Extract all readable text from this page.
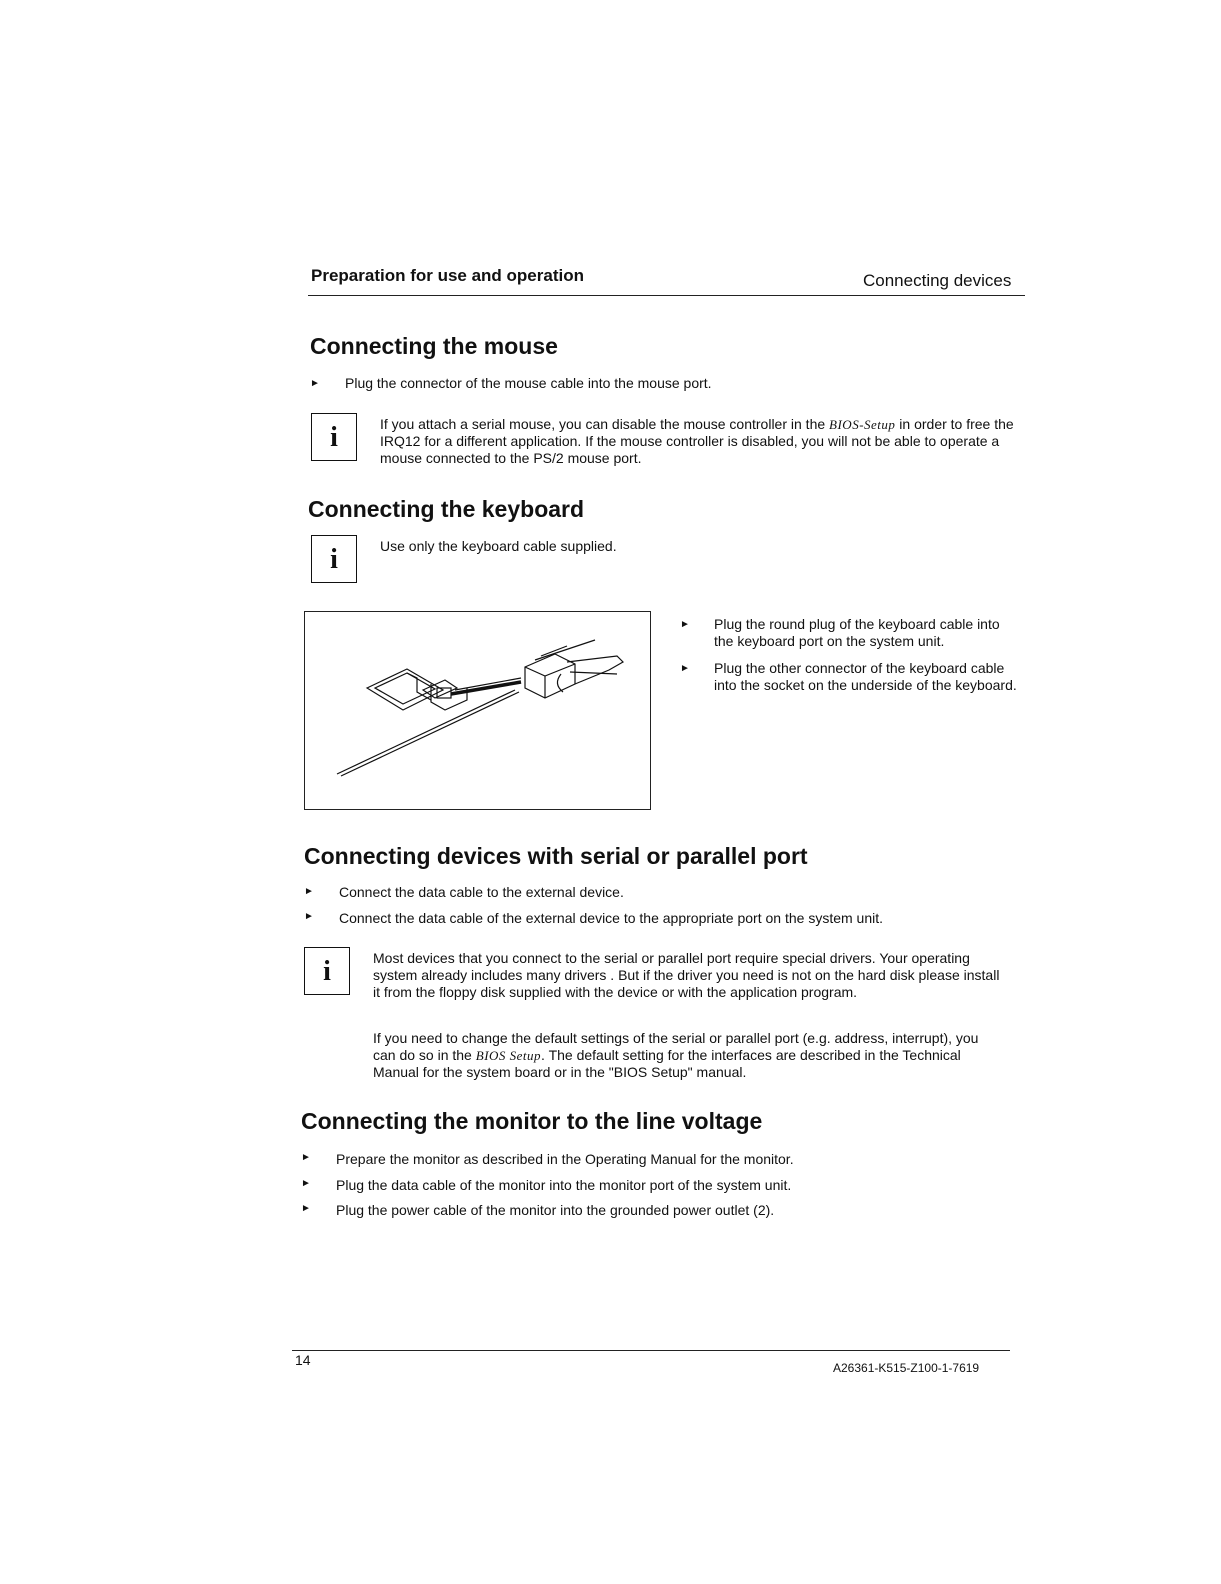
Preparation for use and operation	Connecting devices
Connecting the mouse
► Plug the connector of the mouse cable into the mouse port.
i	If you attach a serial mouse, you can disable the mouse controller in the BIOS-Setup in order to free the IRQ12 for a different application. If the mouse controller is disabled, you will not be able to operate a mouse connected to the PS/2 mouse port.
Connecting the keyboard
i	Use only the keyboard cable supplied.
► Plug the round plug of the keyboard cable into the keyboard port on the system unit.
► Plug the other connector of the keyboard cable into the socket on the underside of the keyboard.
Connecting devices with serial or parallel port
► Connect the data cable to the external device.
► Connect the data cable of the external device to the appropriate port on the system unit.
i	Most devices that you connect to the serial or parallel port require special drivers. Your operating system already includes many drivers . But if the driver you need is not on the hard disk please install it from the floppy disk supplied with the device or with the application program.
If you need to change the default settings of the serial or parallel port (e.g. address, interrupt), you can do so in the BIOS Setup. The default setting for the interfaces are described in the Technical Manual for the system board or in the "BIOS Setup" manual.
Connecting the monitor to the line voltage
► Prepare the monitor as described in the Operating Manual for the monitor.
► Plug the data cable of the monitor into the monitor port of the system unit.
► Plug the power cable of the monitor into the grounded power outlet (2).
14	A26361-K515-Z100-1-7619
